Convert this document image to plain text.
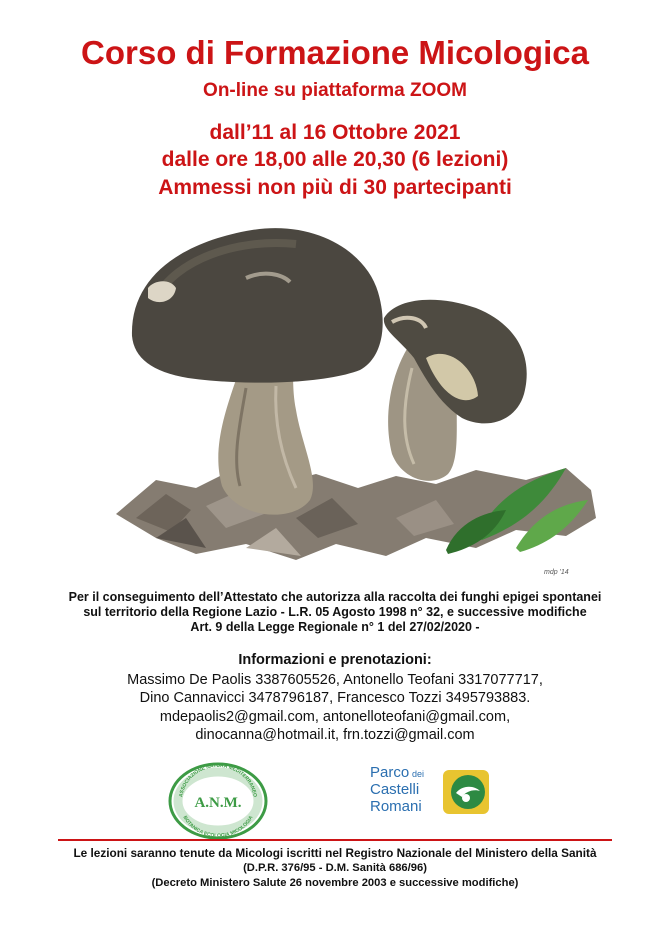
Corso di Formazione Micologica
On-line su piattaforma ZOOM
dall’11 al 16 Ottobre 2021
dalle ore 18,00 alle 20,30 (6 lezioni)
Ammessi non più di 30 partecipanti
mdp '14
Per il conseguimento dell’Attestato che autorizza alla raccolta dei funghi epigei spontanei
sul territorio della Regione Lazio - L.R. 05 Agosto 1998 n° 32, e successive modifiche
Art. 9 della Legge Regionale n° 1 del 27/02/2020 -
Informazioni e prenotazioni:
Massimo De Paolis 3387605526, Antonello Teofani 3317077717,
Dino Cannavicci 3478796187, Francesco Tozzi 3495793883.
mdepaolis2@gmail.com, antonelloteofani@gmail.com,
dinocanna@hotmail.it, frn.tozzi@gmail.com
ASSOCIAZIONE NATURA MEDITERRANEO
BOTANICA ECOLOGIA MICOLOGIA
A.N.M.
Parco dei
Castelli
Romani
Le lezioni saranno tenute da Micologi iscritti nel Registro Nazionale del Ministero della Sanità
(D.P.R. 376/95 - D.M. Sanità 686/96)
(Decreto Ministero Salute 26 novembre 2003 e successive modifiche)
